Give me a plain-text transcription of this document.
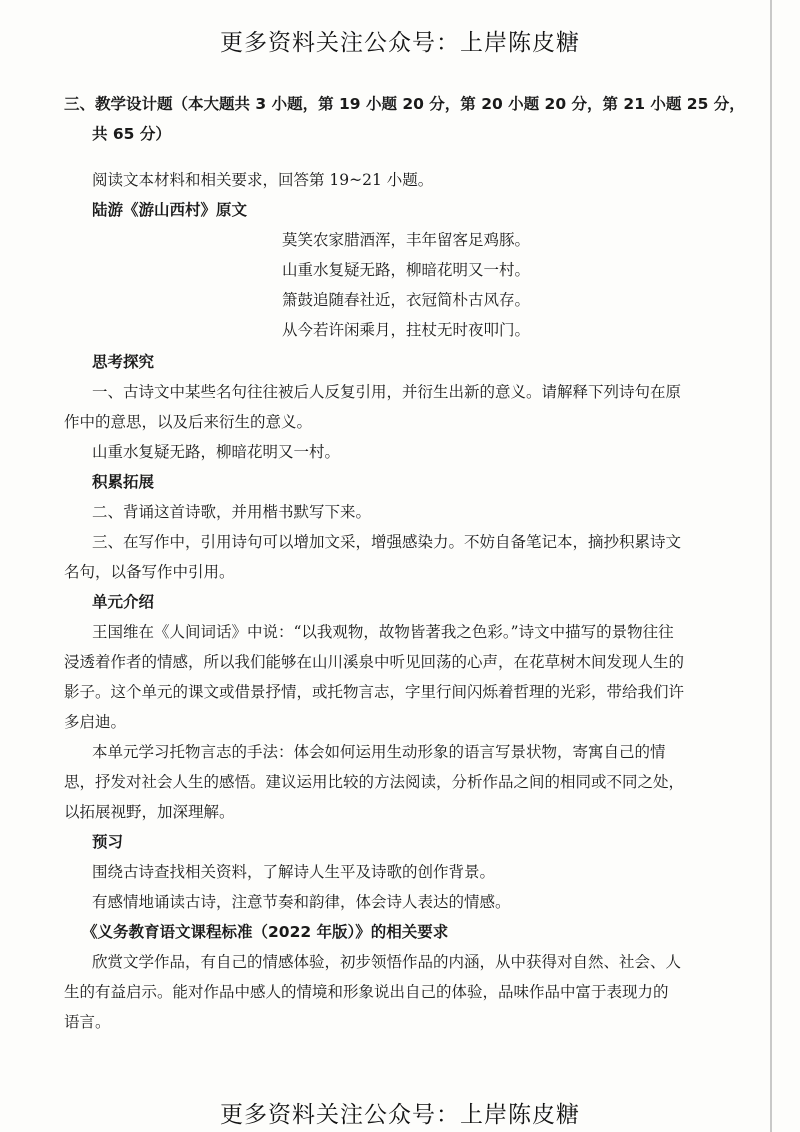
更多资料关注公众号：上岸陈皮糖
三、教学设计题（本大题共 3 小题，第 19 小题 20 分，第 20 小题 20 分，第 21 小题 25 分，
共 65 分）
阅读文本材料和相关要求，回答第 19~21 小题。
陆游《游山西村》原文
莫笑农家腊酒浑，丰年留客足鸡豚。
山重水复疑无路，柳暗花明又一村。
箫鼓追随春社近，衣冠简朴古风存。
从今若许闲乘月，拄杖无时夜叩门。
思考探究
一、古诗文中某些名句往往被后人反复引用，并衍生出新的意义。请解释下列诗句在原
作中的意思，以及后来衍生的意义。
山重水复疑无路，柳暗花明又一村。
积累拓展
二、背诵这首诗歌，并用楷书默写下来。
三、在写作中，引用诗句可以增加文采，增强感染力。不妨自备笔记本，摘抄积累诗文
名句，以备写作中引用。
单元介绍
王国维在《人间词话》中说：“以我观物，故物皆著我之色彩。”诗文中描写的景物往往
浸透着作者的情感，所以我们能够在山川溪泉中听见回荡的心声，在花草树木间发现人生的
影子。这个单元的课文或借景抒情，或托物言志，字里行间闪烁着哲理的光彩，带给我们许
多启迪。
本单元学习托物言志的手法：体会如何运用生动形象的语言写景状物，寄寓自己的情
思，抒发对社会人生的感悟。建议运用比较的方法阅读，分析作品之间的相同或不同之处，
以拓展视野，加深理解。
预习
围绕古诗查找相关资料，了解诗人生平及诗歌的创作背景。
有感情地诵读古诗，注意节奏和韵律，体会诗人表达的情感。
《义务教育语文课程标准（2022 年版）》的相关要求
欣赏文学作品，有自己的情感体验，初步领悟作品的内涵，从中获得对自然、社会、人
生的有益启示。能对作品中感人的情境和形象说出自己的体验，品味作品中富于表现力的
语言。
更多资料关注公众号：上岸陈皮糖
